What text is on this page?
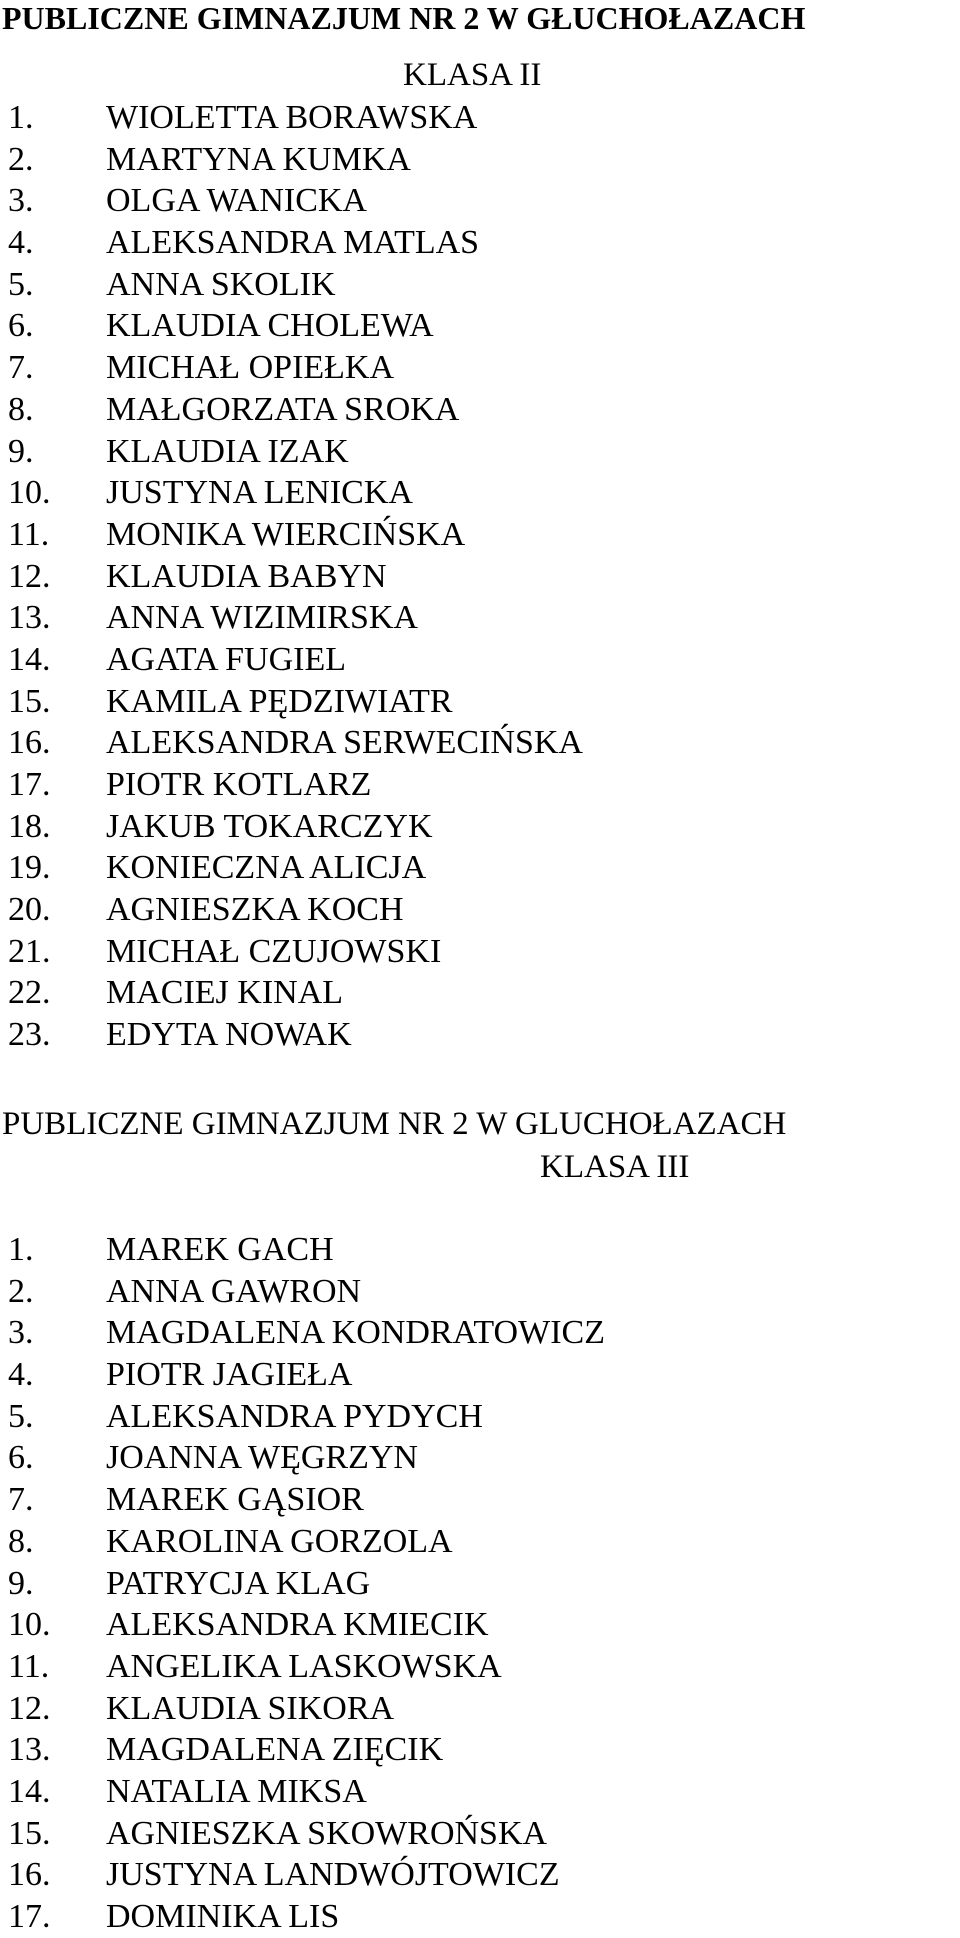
PUBLICZNE GIMNAZJUM NR 2 W GŁUCHOŁAZACH
KLASA II
1. WIOLETTA BORAWSKA
2. MARTYNA KUMKA
3. OLGA WANICKA
4. ALEKSANDRA MATLAS
5. ANNA SKOLIK
6. KLAUDIA CHOLEWA
7. MICHAŁ OPIEŁKA
8. MAŁGORZATA SROKA
9. KLAUDIA IZAK
10. JUSTYNA LENICKA
11. MONIKA WIERCIŃSKA
12. KLAUDIA BABYN
13. ANNA WIZIMIRSKA
14. AGATA FUGIEL
15. KAMILA PĘDZIWIATR
16. ALEKSANDRA SERWECIŃSKA
17. PIOTR KOTLARZ
18. JAKUB TOKARCZYK
19. KONIECZNA ALICJA
20. AGNIESZKA KOCH
21. MICHAŁ CZUJOWSKI
22. MACIEJ KINAL
23. EDYTA NOWAK
PUBLICZNE GIMNAZJUM NR 2 W GLUCHOŁAZACH
KLASA III
1. MAREK GACH
2. ANNA GAWRON
3. MAGDALENA KONDRATOWICZ
4. PIOTR JAGIEŁA
5. ALEKSANDRA PYDYCH
6. JOANNA WĘGRZYN
7. MAREK GĄSIOR
8. KAROLINA GORZOLA
9. PATRYCJA KLAG
10. ALEKSANDRA KMIECIK
11. ANGELIKA LASKOWSKA
12. KLAUDIA SIKORA
13. MAGDALENA ZIĘCIK
14. NATALIA MIKSA
15. AGNIESZKA SKOWROŃSKA
16. JUSTYNA LANDWÓJTOWICZ
17. DOMINIKA LIS
